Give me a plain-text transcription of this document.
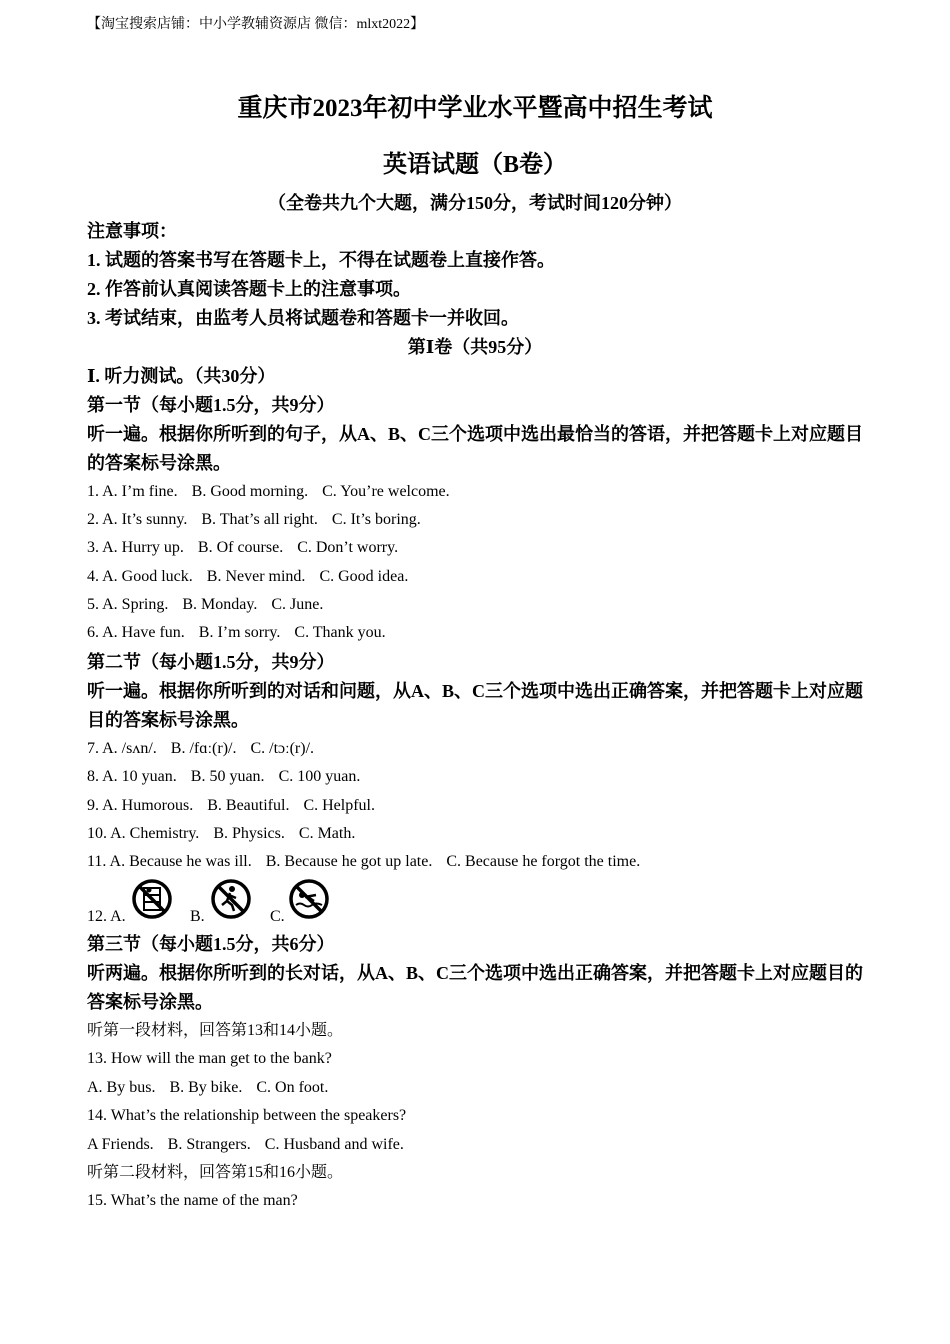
【淘宝搜索店铺：中小学教辅资源店 微信：mlxt2022】
重庆市2023年初中学业水平暨高中招生考试
英语试题（B卷）
（全卷共九个大题，满分150分，考试时间120分钟）
注意事项：
1. 试题的答案书写在答题卡上，不得在试题卷上直接作答。
2. 作答前认真阅读答题卡上的注意事项。
3. 考试结束，由监考人员将试题卷和答题卡一并收回。
第Ⅰ卷（共95分）
Ⅰ. 听力测试。（共30分）
第一节（每小题1.5分，共9分）
听一遍。根据你所听到的句子，从A、B、C三个选项中选出最恰当的答语，并把答题卡上对应题目的答案标号涂黑。
1. A. I’m fine. B. Good morning. C. You’re welcome.
2. A. It’s sunny. B. That’s all right. C. It’s boring.
3. A. Hurry up. B. Of course. C. Don’t worry.
4. A. Good luck. B. Never mind. C. Good idea.
5. A. Spring. B. Monday. C. June.
6. A. Have fun. B. I’m sorry. C. Thank you.
第二节（每小题1.5分，共9分）
听一遍。根据你所听到的对话和问题，从A、B、C三个选项中选出正确答案，并把答题卡上对应题目的答案标号涂黑。
7. A. /sʌn/. B. /fɑː(r)/. C. /tɔː(r)/.
8. A. 10 yuan. B. 50 yuan. C. 100 yuan.
9. A. Humorous. B. Beautiful. C. Helpful.
10. A. Chemistry. B. Physics. C. Math.
11. A. Because he was ill. B. Because he got up late. C. Because he forgot the time.
12. A.	B.	C.
第三节（每小题1.5分，共6分）
听两遍。根据你所听到的长对话，从A、B、C三个选项中选出正确答案，并把答题卡上对应题目的答案标号涂黑。
听第一段材料，回答第13和14小题。
13. How will the man get to the bank?
A. By bus. B. By bike. C. On foot.
14. What’s the relationship between the speakers?
A Friends. B. Strangers. C. Husband and wife.
听第二段材料，回答第15和16小题。
15. What’s the name of the man?
